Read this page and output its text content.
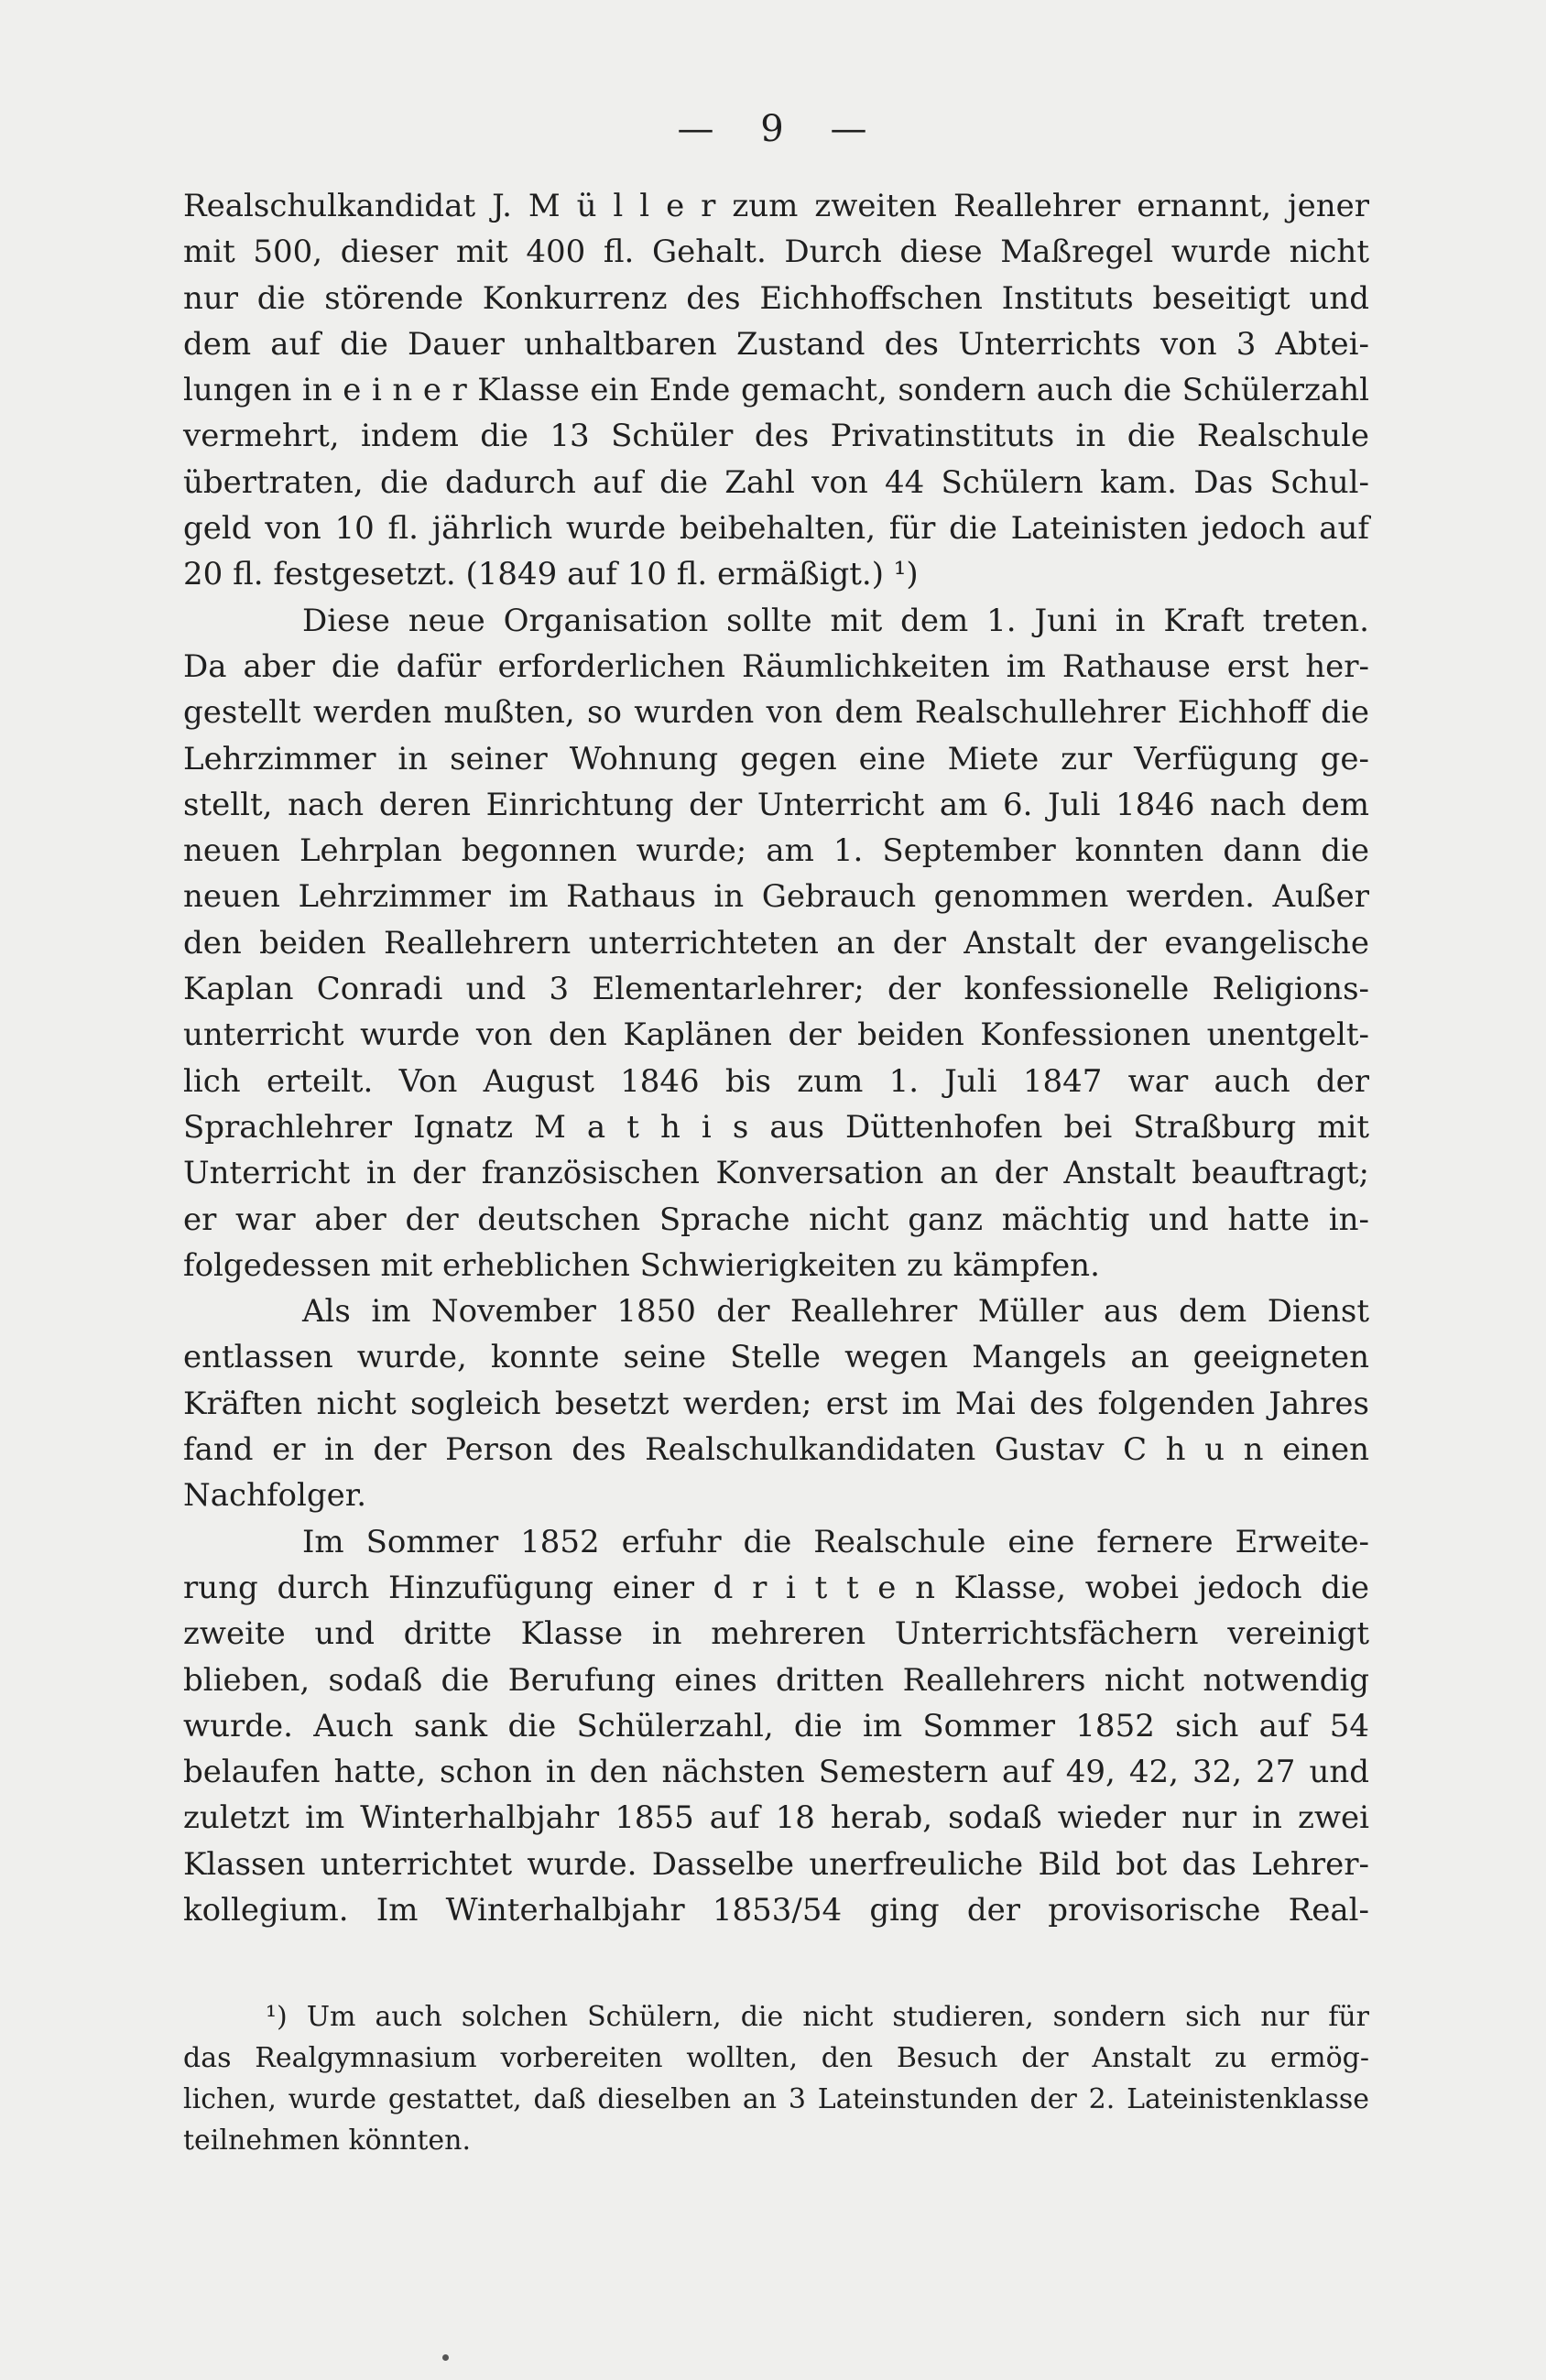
— 9 —
Realschulkandidat J. M ü l l e r zum zweiten Reallehrer ernannt, jener
mit 500, dieser mit 400 fl. Gehalt. Durch diese Maßregel wurde nicht
nur die störende Konkurrenz des Eichhoffschen Instituts beseitigt und
dem auf die Dauer unhaltbaren Zustand des Unterrichts von 3 Abtei-
lungen in e i n e r Klasse ein Ende gemacht, sondern auch die Schülerzahl
vermehrt, indem die 13 Schüler des Privatinstituts in die Realschule
übertraten, die dadurch auf die Zahl von 44 Schülern kam. Das Schul-
geld von 10 fl. jährlich wurde beibehalten, für die Lateinisten jedoch auf
20 fl. festgesetzt. (1849 auf 10 fl. ermäßigt.) ¹)
Diese neue Organisation sollte mit dem 1. Juni in Kraft treten.
Da aber die dafür erforderlichen Räumlichkeiten im Rathause erst her-
gestellt werden mußten, so wurden von dem Realschullehrer Eichhoff die
Lehrzimmer in seiner Wohnung gegen eine Miete zur Verfügung ge-
stellt, nach deren Einrichtung der Unterricht am 6. Juli 1846 nach dem
neuen Lehrplan begonnen wurde; am 1. September konnten dann die
neuen Lehrzimmer im Rathaus in Gebrauch genommen werden. Außer
den beiden Reallehrern unterrichteten an der Anstalt der evangelische
Kaplan Conradi und 3 Elementarlehrer; der konfessionelle Religions-
unterricht wurde von den Kaplänen der beiden Konfessionen unentgelt-
lich erteilt. Von August 1846 bis zum 1. Juli 1847 war auch der
Sprachlehrer Ignatz M a t h i s aus Düttenhofen bei Straßburg mit
Unterricht in der französischen Konversation an der Anstalt beauftragt;
er war aber der deutschen Sprache nicht ganz mächtig und hatte in-
folgedessen mit erheblichen Schwierigkeiten zu kämpfen.
Als im November 1850 der Reallehrer Müller aus dem Dienst
entlassen wurde, konnte seine Stelle wegen Mangels an geeigneten
Kräften nicht sogleich besetzt werden; erst im Mai des folgenden Jahres
fand er in der Person des Realschulkandidaten Gustav C h u n einen
Nachfolger.
Im Sommer 1852 erfuhr die Realschule eine fernere Erweite-
rung durch Hinzufügung einer d r i t t e n Klasse, wobei jedoch die
zweite und dritte Klasse in mehreren Unterrichtsfächern vereinigt
blieben, sodaß die Berufung eines dritten Reallehrers nicht notwendig
wurde. Auch sank die Schülerzahl, die im Sommer 1852 sich auf 54
belaufen hatte, schon in den nächsten Semestern auf 49, 42, 32, 27 und
zuletzt im Winterhalbjahr 1855 auf 18 herab, sodaß wieder nur in zwei
Klassen unterrichtet wurde. Dasselbe unerfreuliche Bild bot das Lehrer-
kollegium. Im Winterhalbjahr 1853/54 ging der provisorische Real-
¹) Um auch solchen Schülern, die nicht studieren, sondern sich nur für
das Realgymnasium vorbereiten wollten, den Besuch der Anstalt zu ermög-
lichen, wurde gestattet, daß dieselben an 3 Lateinstunden der 2. Lateinistenklasse
teilnehmen könnten.
